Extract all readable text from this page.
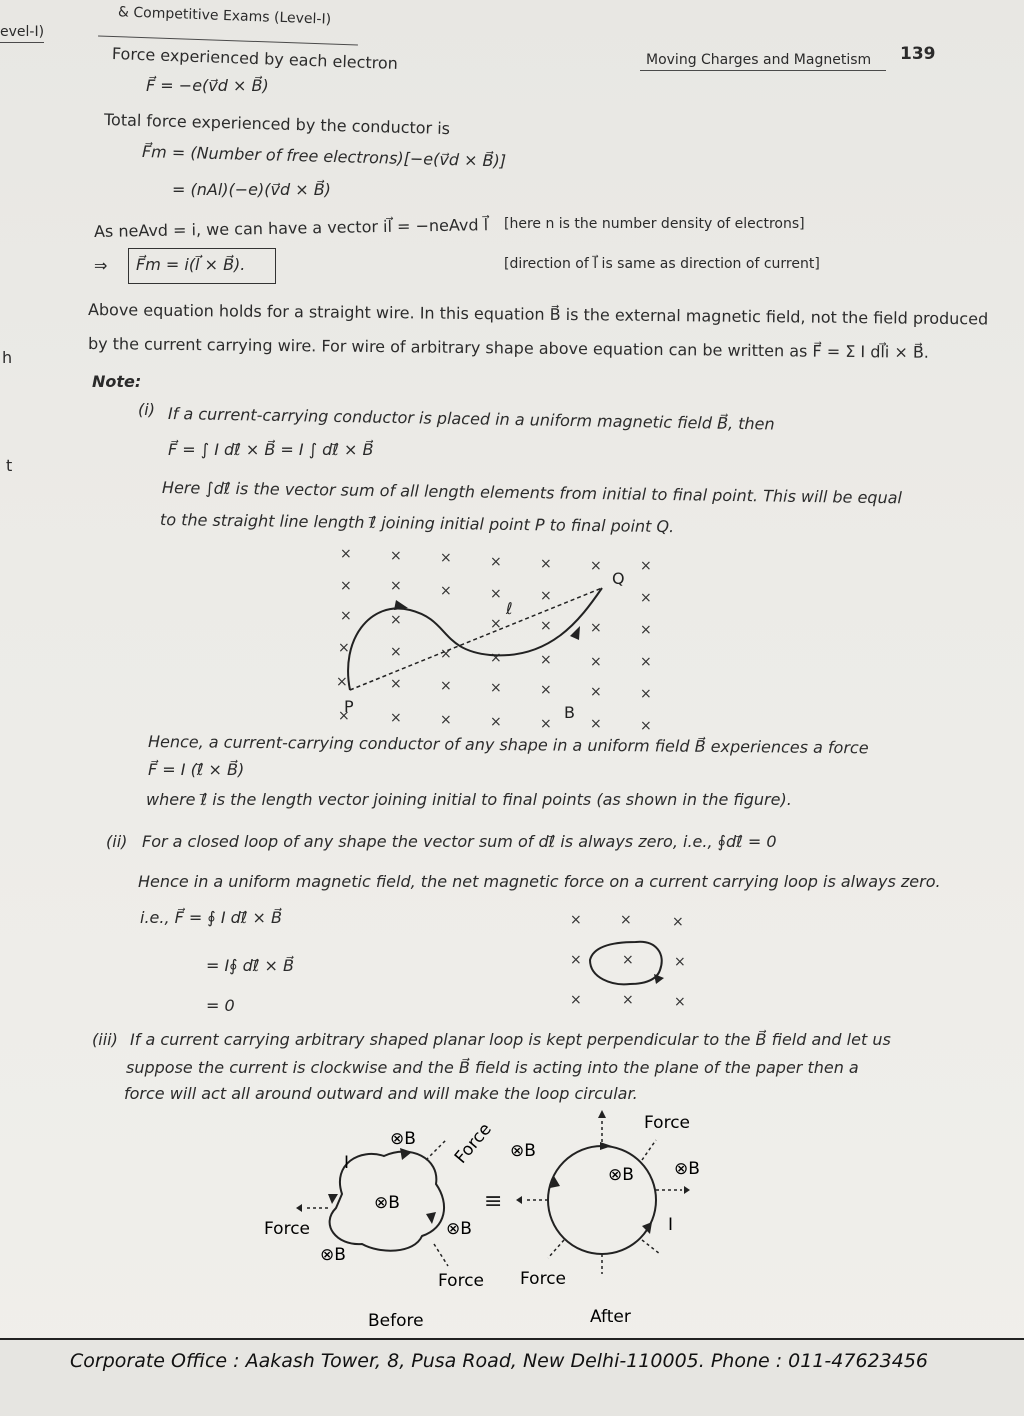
evel-I)
h
t
& Competitive Exams (Level-I)
Moving Charges and Magnetism 139
Force experienced by each electron
F⃗ = −e(v⃗d × B⃗)
Total force experienced by the conductor is
F⃗m = (Number of free electrons)[−e(v⃗d × B⃗)]
= (nAl)(−e)(v⃗d × B⃗)
[here n is the number density of electrons]
As neAvd = i, we can have a vector il⃗ = −neAvd l⃗
[direction of l⃗ is same as direction of current]
⇒ F⃗m = i(l⃗ × B⃗).
Above equation holds for a straight wire. In this equation B⃗ is the external magnetic field, not the field produced
by the current carrying wire. For wire of arbitrary shape above equation can be written as F⃗ = Σ I dl⃗i × B⃗.
Note:
(i) If a current-carrying conductor is placed in a uniform magnetic field B⃗, then
F⃗ = ∫ I dℓ⃗ × B⃗ = I ∫ dℓ⃗ × B⃗
Here ∫dℓ⃗ is the vector sum of all length elements from initial to final point. This will be equal
to the straight line length ℓ⃗ joining initial point P to final point Q.
×	×	×	×	×	×	×
×	×	×	×	×	×
×	×	×	×	×	×
×	×	×	×	×	×	×
×	×	×	×	×	×	×
×	×	×	×	×	×	×
P
Q
ℓ
B
Hence, a current-carrying conductor of any shape in a uniform field B⃗ experiences a force
F⃗ = I (ℓ⃗ × B⃗)
where ℓ⃗ is the length vector joining initial to final points (as shown in the figure).
(ii) For a closed loop of any shape the vector sum of dℓ⃗ is always zero, i.e., ∮dℓ⃗ = 0
Hence in a uniform magnetic field, the net magnetic force on a current carrying loop is always zero.
i.e., F⃗ = ∮ I dℓ⃗ × B⃗
= I∮ dℓ⃗ × B⃗
= 0
×	×	×
×	×	×
×	×	×
(iii) If a current carrying arbitrary shaped planar loop is kept perpendicular to the B⃗ field and let us
suppose the current is clockwise and the B⃗ field is acting into the plane of the paper then a
force will act all around outward and will make the loop circular.
I
⊗B
⊗B
⊗B
⊗B
Force
Force
Force
Before
≡
⊗B
⊗B ⊗B
I
Force
Force
After
Corporate Office : Aakash Tower, 8, Pusa Road, New Delhi-110005. Phone : 011-47623456
